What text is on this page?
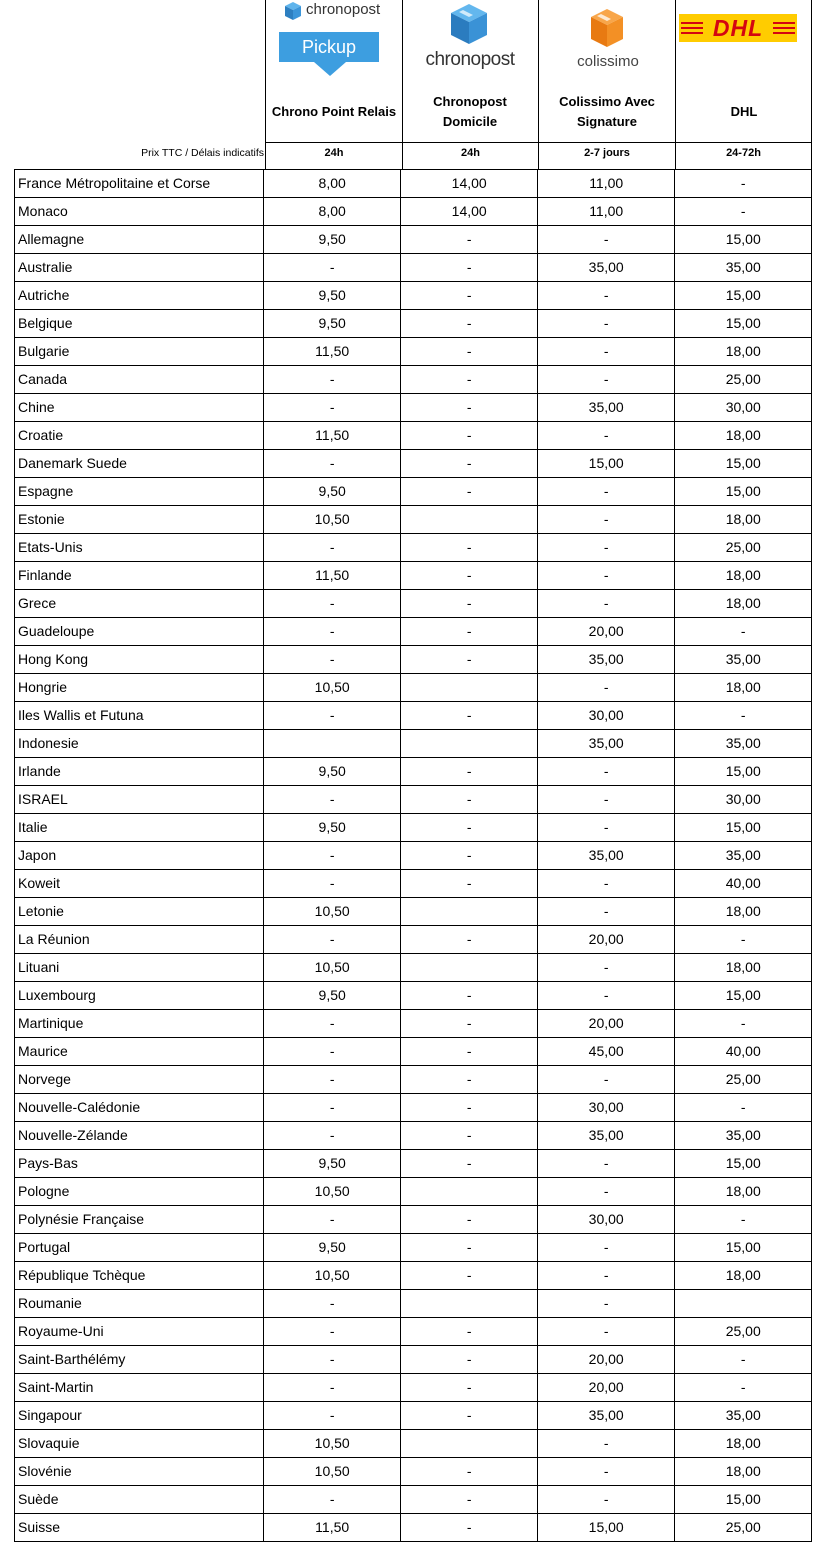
chronopost
Pickup
chronopost	colissimo
DHL
Chrono Point Relais
Chronopost Domicile
Colissimo Avec Signature
DHL
Prix TTC / Délais indicatifs	24h	24h	2-7 jours	24-72h
France Métropolitaine et Corse	8,00	14,00	11,00	-
Monaco	8,00	14,00	11,00	-
Allemagne	9,50	-	-	15,00
Australie	-	-	35,00	35,00
Autriche	9,50	-	-	15,00
Belgique	9,50	-	-	15,00
Bulgarie	11,50	-	-	18,00
Canada	-	-	-	25,00
Chine	-	-	35,00	30,00
Croatie	11,50	-	-	18,00
Danemark Suede	-	-	15,00	15,00
Espagne	9,50	-	-	15,00
Estonie	10,50		-	18,00
Etats-Unis	-	-	-	25,00
Finlande	11,50	-	-	18,00
Grece	-	-	-	18,00
Guadeloupe	-	-	20,00	-
Hong Kong	-	-	35,00	35,00
Hongrie	10,50		-	18,00
Iles Wallis et Futuna	-	-	30,00	-
Indonesie			35,00	35,00
Irlande	9,50	-	-	15,00
ISRAEL	-	-	-	30,00
Italie	9,50	-	-	15,00
Japon	-	-	35,00	35,00
Koweit	-	-	-	40,00
Letonie	10,50		-	18,00
La Réunion	-	-	20,00	-
Lituani	10,50		-	18,00
Luxembourg	9,50	-	-	15,00
Martinique	-	-	20,00	-
Maurice	-	-	45,00	40,00
Norvege	-	-	-	25,00
Nouvelle-Calédonie	-	-	30,00	-
Nouvelle-Zélande	-	-	35,00	35,00
Pays-Bas	9,50	-	-	15,00
Pologne	10,50		-	18,00
Polynésie Française	-	-	30,00	-
Portugal	9,50	-	-	15,00
République Tchèque	10,50	-	-	18,00
Roumanie	-		-	
Royaume-Uni	-	-	-	25,00
Saint-Barthélémy	-	-	20,00	-
Saint-Martin	-	-	20,00	-
Singapour	-	-	35,00	35,00
Slovaquie	10,50		-	18,00
Slovénie	10,50	-	-	18,00
Suède	-	-	-	15,00
Suisse	11,50	-	15,00	25,00
